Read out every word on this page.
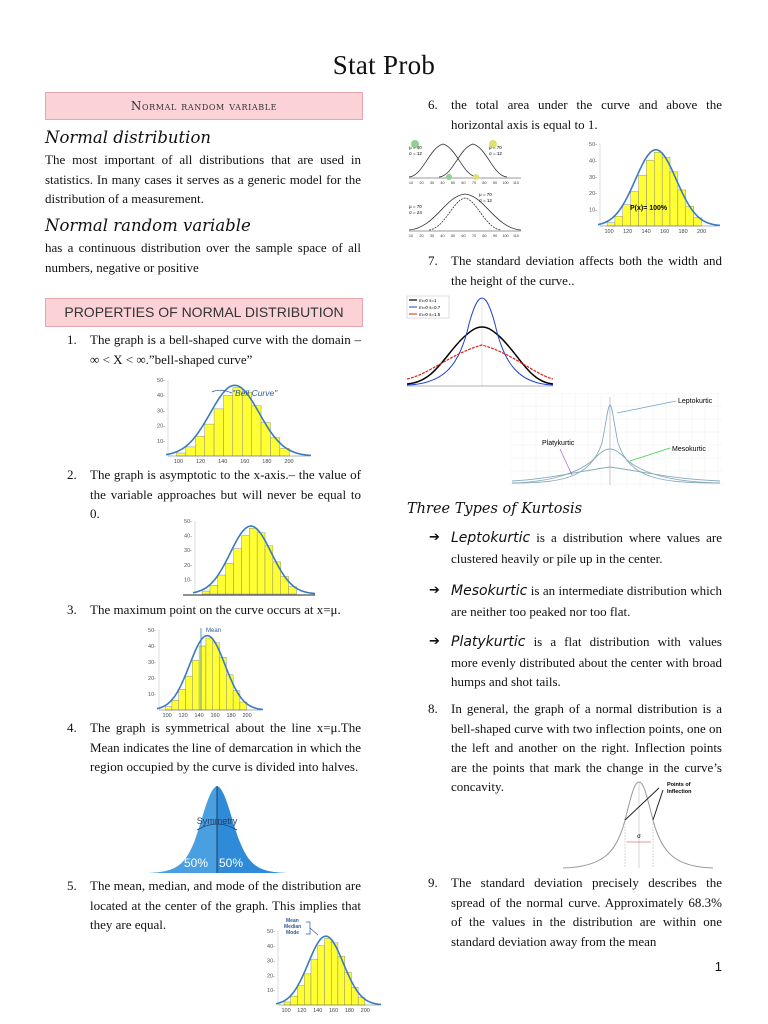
Stat Prob
Normal random variable
Normal distribution
The most important of all distributions that are used in statistics. In many cases it serves as a generic model for the distribution of a measurement.
Normal random variable
has a continuous distribution over the sample space of all numbers, negative or positive
PROPERTIES OF NORMAL DISTRIBUTION
1. The graph is a bell-shaped curve with the domain –∞ < X < ∞.”bell-shaped curve”
50-
40-
30-
20-
10-
100 120 140 160 180 200
"Bell Curve"
2. The graph is asymptotic to the x-axis.– the value of the variable approaches but will never be equal to 0.
50-
40-
30-
20-
10-
3. The maximum point on the curve occurs at x=μ.
50-
40-
30-
20-
10-
100 120 140 160 180 200
Mean
4. The graph is symmetrical about the line x=μ.The Mean indicates the line of demarcation in which the region occupied by the curve is divided into halves.
Symmetry
50% 50%
5. The mean, median, and mode of the distribution are located at the center of the graph. This implies that they are equal.	50-
40-
30-
20-
10-
100 120 140 160 180 200
Mean
Median
Mode
6. the total area under the curve and above the horizontal axis is equal to 1.
μ = 40
σ = 12
μ = 70
σ = 12
10 20 30 40 50 60 70 80 90 100 110
μ = 70
σ = 24
μ = 70
σ = 12
10 20 30 40 50 60 70 80 90 100 110
50-
40-
30-
20-
10-
100 120 140 160 180 200
P(x)= 100%
7. The standard deviation affects both the width and the height of the curve..
m=0 s=1
m=0 s=0.7
m=0 s=1.5
Leptokurtic
Platykurtic
Mesokurtic
Three Types of Kurtosis
➔ Leptokurtic is a distribution where values are clustered heavily or pile up in the center.
➔ Mesokurtic is an intermediate distribution which are neither too peaked nor too flat.
➔ Platykurtic is a flat distribution with values more evenly distributed about the center with broad humps and shot tails.
8. In general, the graph of a normal distribution is a bell-shaped curve with two inflection points, one on the left and another on the right. Inflection points are the points that mark the change in the curve’s concavity.	Points of
Inflection
σ
9. The standard deviation precisely describes the spread of the normal curve. Approximately 68.3% of the values in the distribution are within one standard deviation away from the mean
1
